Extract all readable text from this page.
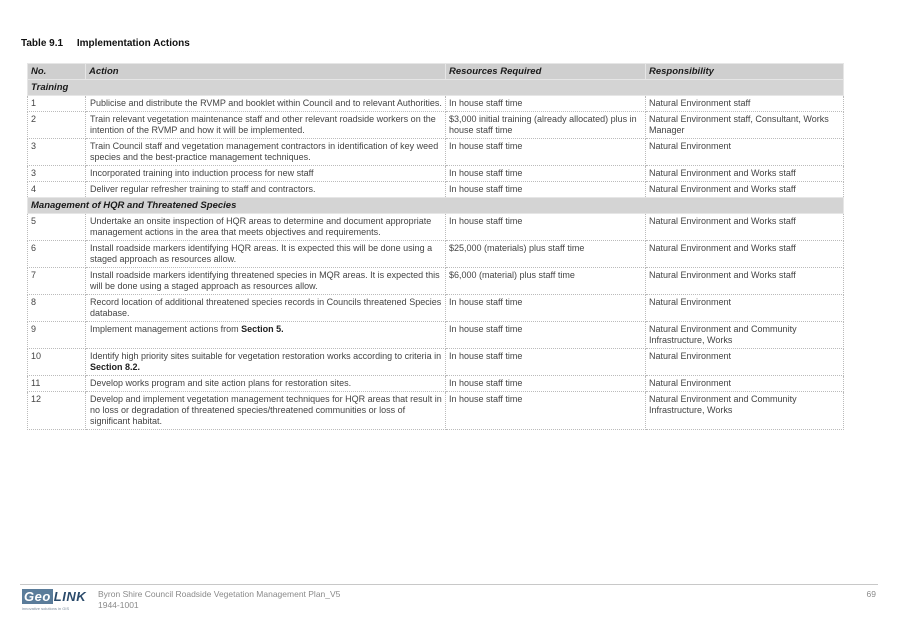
Table 9.1 Implementation Actions
No.	Action	Resources Required	Responsibility
Training			
1	Publicise and distribute the RVMP and booklet within Council and to relevant Authorities.	In house staff time	Natural Environment staff
2	Train relevant vegetation maintenance staff and other relevant roadside workers on the intention of the RVMP and how it will be implemented.	$3,000 initial training (already allocated) plus in house staff time	Natural Environment staff, Consultant, Works Manager
3	Train Council staff and vegetation management contractors in identification of key weed species and the best-practice management techniques.	In house staff time	Natural Environment
3	Incorporated training into induction process for new staff	In house staff time	Natural Environment and Works staff
4	Deliver regular refresher training to staff and contractors.	In house staff time	Natural Environment and Works staff
Management of HQR and Threatened Species			
5	Undertake an onsite inspection of HQR areas to determine and document appropriate management actions in the area that meets objectives and requirements.	In house staff time	Natural Environment and Works staff
6	Install roadside markers identifying HQR areas. It is expected this will be done using a staged approach as resources allow.	$25,000 (materials) plus staff time	Natural Environment and Works staff
7	Install roadside markers identifying threatened species in MQR areas. It is expected this will be done using a staged approach as resources allow.	$6,000 (material) plus staff time	Natural Environment and Works staff
8	Record location of additional threatened species records in Councils threatened Species database.	In house staff time	Natural Environment
9	Implement management actions from Section 5.	In house staff time	Natural Environment and Community Infrastructure, Works
10	Identify high priority sites suitable for vegetation restoration works according to criteria in Section 8.2.	In house staff time	Natural Environment
11	Develop works program and site action plans for restoration sites.	In house staff time	Natural Environment
12	Develop and implement vegetation management techniques for HQR areas that result in no loss or degradation of threatened species/threatened communities or loss of significant habitat.	In house staff time	Natural Environment and Community Infrastructure, Works
Geo LINK
innovative solutions in GIS
Byron Shire Council Roadside Vegetation Management Plan_V5
1944-1001
69
